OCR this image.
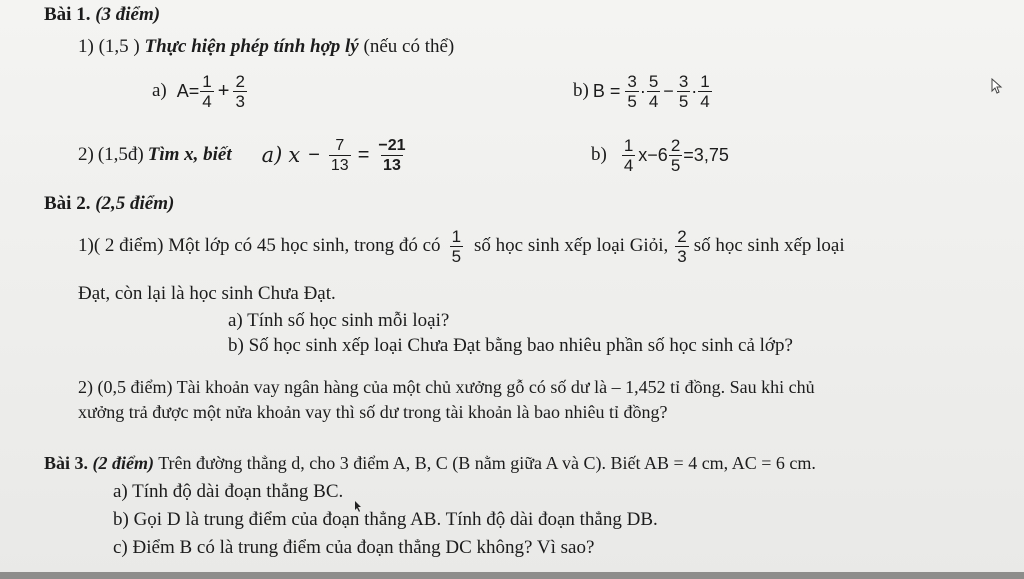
Bài 1. (3 điểm)
1) (1,5 ) Thực hiện phép tính hợp lý (nếu có thể)
a) $A= \frac{1}{4} + \frac{2}{3}$	b) $B = \frac{3}{5} \cdot \frac{5}{4} - \frac{3}{5} \cdot \frac{1}{4}$
2) (1,5đ) Tìm x, biết a) $x - \frac{7}{13} = \frac{-21}{13}$	$b) \frac{1}{4}$ $x -6 \frac{2}{5} =3,75$
Bài 2. (2,5 điểm)
1)( 2 điểm) Một lớp có 45 học sinh, trong đó có $\frac{1}{5}$ số học sinh xếp loại Giỏi, $\frac{2}{3}$ số học sinh xếp loại
Đạt, còn lại là học sinh Chưa Đạt.
a) Tính số học sinh mỗi loại?
b) Số học sinh xếp loại Chưa Đạt bằng bao nhiêu phần số học sinh cả lớp?
2) (0,5 điểm) Tài khoản vay ngân hàng của một chủ xưởng gỗ có số dư là – 1,452 tỉ đồng. Sau khi chủ
xưởng trả được một nửa khoản vay thì số dư trong tài khoản là bao nhiêu tỉ đồng?
Bài 3. (2 điểm) Trên đường thẳng d, cho 3 điểm A, B, C (B nằm giữa A và C). Biết AB = 4 cm, AC = 6 cm.
a) Tính độ dài đoạn thẳng BC.
b) Gọi D là trung điểm của đoạn thẳng AB. Tính độ dài đoạn thẳng DB.
c) Điểm B có là trung điểm của đoạn thẳng DC không? Vì sao?
